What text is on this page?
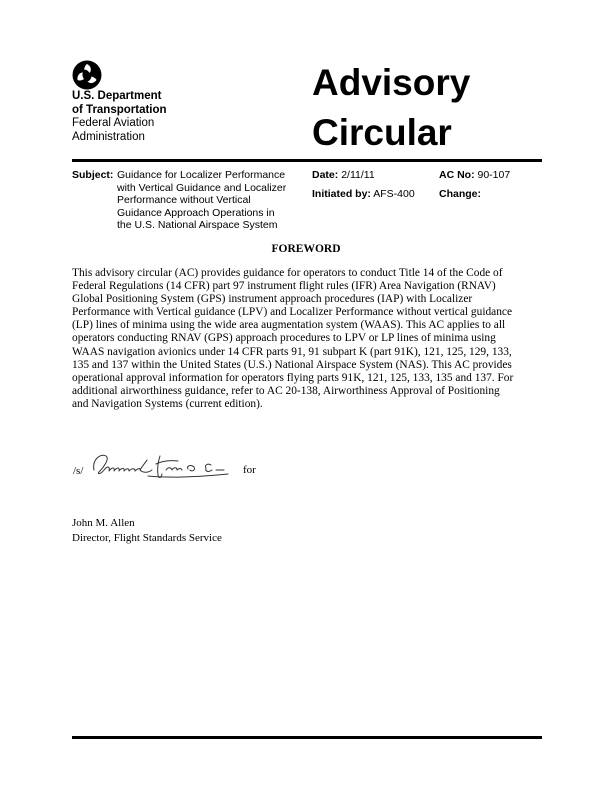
U.S. Department
of Transportation
Federal Aviation
Administration
Advisory
Circular
Subject: Guidance for Localizer Performance
with Vertical Guidance and Localizer
Performance without Vertical
Guidance Approach Operations in
the U.S. National Airspace System
Date: 2/11/11
Initiated by: AFS-400
AC No: 90-107
Change:
FOREWORD
This advisory circular (AC) provides guidance for operators to conduct Title 14 of the Code of
Federal Regulations (14 CFR) part 97 instrument flight rules (IFR) Area Navigation (RNAV)
Global Positioning System (GPS) instrument approach procedures (IAP) with Localizer
Performance with Vertical guidance (LPV) and Localizer Performance without vertical guidance
(LP) lines of minima using the wide area augmentation system (WAAS). This AC applies to all
operators conducting RNAV (GPS) approach procedures to LPV or LP lines of minima using
WAAS navigation avionics under 14 CFR parts 91, 91 subpart K (part 91K), 121, 125, 129, 133,
135 and 137 within the United States (U.S.) National Airspace System (NAS). This AC provides
operational approval information for operators flying parts 91K, 121, 125, 133, 135 and 137. For
additional airworthiness guidance, refer to AC 20-138, Airworthiness Approval of Positioning
and Navigation Systems (current edition).
/s/	for
John M. Allen
Director, Flight Standards Service
